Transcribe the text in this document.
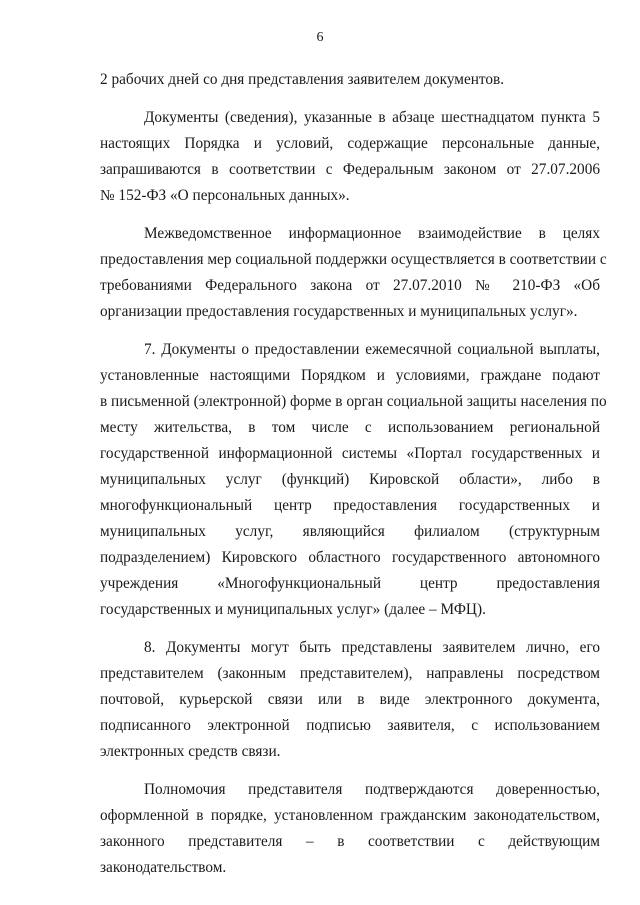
6
2 рабочих дней со дня представления заявителем документов.
Документы (сведения), указанные в абзаце шестнадцатом пункта 5
настоящих Порядка и условий, содержащие персональные данные,
запрашиваются в соответствии с Федеральным законом от 27.07.2006
№ 152-ФЗ «О персональных данных».
Межведомственное информационное взаимодействие в целях
предоставления мер социальной поддержки осуществляется в соответствии с
требованиями Федерального закона от 27.07.2010 № 210-ФЗ «Об
организации предоставления государственных и муниципальных услуг».
7. Документы о предоставлении ежемесячной социальной выплаты,
установленные настоящими Порядком и условиями, граждане подают
в письменной (электронной) форме в орган социальной защиты населения по
месту жительства, в том числе с использованием региональной
государственной информационной системы «Портал государственных и
муниципальных услуг (функций) Кировской области», либо в
многофункциональный центр предоставления государственных и
муниципальных услуг, являющийся филиалом (структурным
подразделением) Кировского областного государственного автономного
учреждения «Многофункциональный центр предоставления
государственных и муниципальных услуг» (далее – МФЦ).
8. Документы могут быть представлены заявителем лично, его
представителем (законным представителем), направлены посредством
почтовой, курьерской связи или в виде электронного документа,
подписанного электронной подписью заявителя, с использованием
электронных средств связи.
Полномочия представителя подтверждаются доверенностью,
оформленной в порядке, установленном гражданским законодательством,
законного представителя – в соответствии с действующим
законодательством.
